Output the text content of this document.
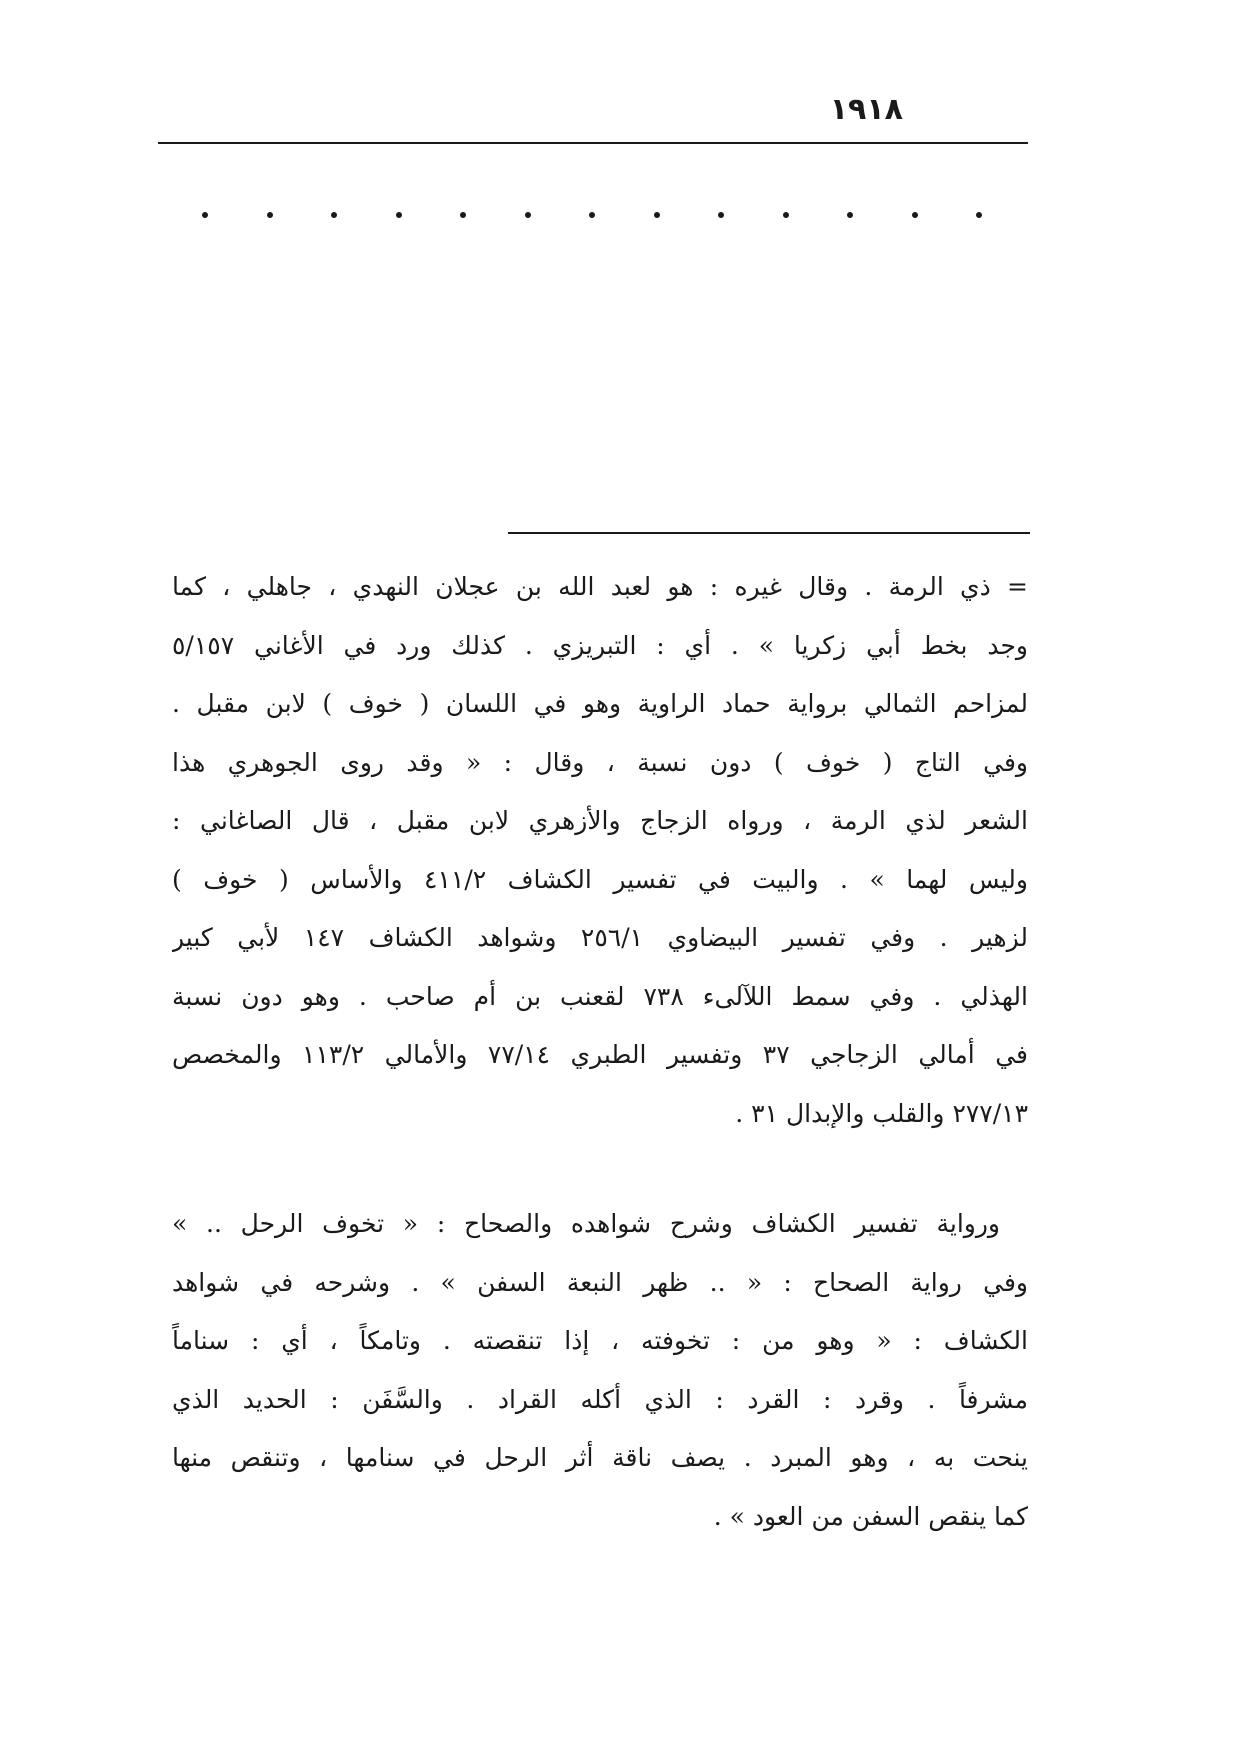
١٩١٨
= ذي الرمة . وقال غيره : هو لعبد الله بن عجلان النهدي ، جاهلي ، كما
وجد بخط أبي زكريا » . أي : التبريزي . كذلك ورد في الأغاني ٥/١٥٧
لمزاحم الثمالي برواية حماد الراوية وهو في اللسان ( خوف ) لابن مقبل .
وفي التاج ( خوف ) دون نسبة ، وقال : « وقد روى الجوهري هذا
الشعر لذي الرمة ، ورواه الزجاج والأزهري لابن مقبل ، قال الصاغاني :
وليس لهما » . والبيت في تفسير الكشاف ٤١١/٢ والأساس ( خوف )
لزهير . وفي تفسير البيضاوي ٢٥٦/١ وشواهد الكشاف ١٤٧ لأبي كبير
الهذلي . وفي سمط اللآلىء ٧٣٨ لقعنب بن أم صاحب . وهو دون نسبة
في أمالي الزجاجي ٣٧ وتفسير الطبري ٧٧/١٤ والأمالي ١١٣/٢ والمخصص
٢٧٧/١٣ والقلب والإبدال ٣١ .
ورواية تفسير الكشاف وشرح شواهده والصحاح : « تخوف الرحل .. »
وفي رواية الصحاح : « .. ظهر النبعة السفن » . وشرحه في شواهد
الكشاف : « وهو من : تخوفته ، إذا تنقصته . وتامكاً ، أي : سناماً
مشرفاً . وقرد : القرد : الذي أكله القراد . والسَّفَن : الحديد الذي
ينحت به ، وهو المبرد . يصف ناقة أثر الرحل في سنامها ، وتنقص منها
كما ينقص السفن من العود » .
